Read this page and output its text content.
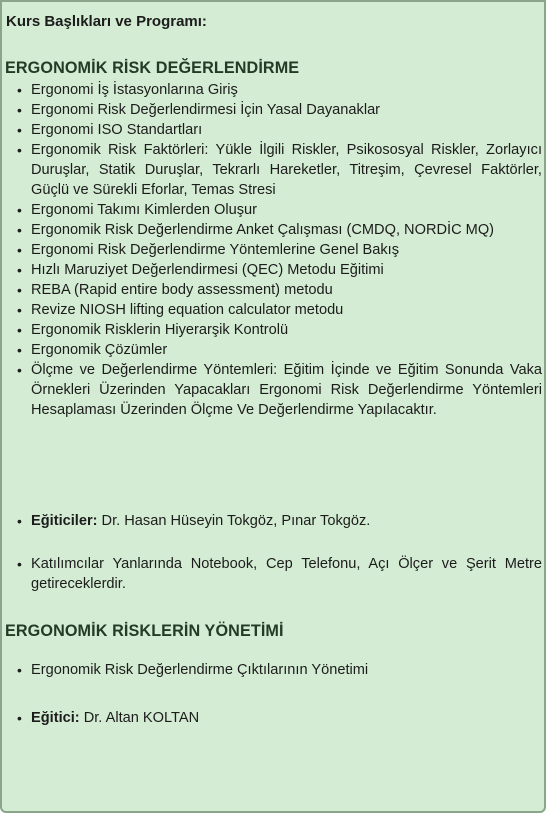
Kurs Başlıkları ve Programı:
ERGONOMİK RİSK DEĞERLENDİRME
• Ergonomi İş İstasyonlarına Giriş
• Ergonomi Risk Değerlendirmesi İçin Yasal Dayanaklar
• Ergonomi ISO Standartları
• Ergonomik Risk Faktörleri: Yükle İlgili Riskler, Psikososyal Riskler, Zorlayıcı Duruşlar, Statik Duruşlar, Tekrarlı Hareketler, Titreşim, Çevresel Faktörler, Güçlü ve Sürekli Eforlar, Temas Stresi
• Ergonomi Takımı Kimlerden Oluşur
• Ergonomik Risk Değerlendirme Anket Çalışması (CMDQ, NORDİC MQ)
• Ergonomi Risk Değerlendirme Yöntemlerine Genel Bakış
• Hızlı Maruziyet Değerlendirmesi (QEC) Metodu Eğitimi
• REBA (Rapid entire body assessment) metodu
• Revize NIOSH lifting equation calculator metodu
• Ergonomik Risklerin Hiyerarşik Kontrolü
• Ergonomik Çözümler
• Ölçme ve Değerlendirme Yöntemleri: Eğitim İçinde ve Eğitim Sonunda Vaka Örnekleri Üzerinden Yapacakları Ergonomi Risk Değerlendirme Yöntemleri Hesaplaması Üzerinden Ölçme Ve Değerlendirme Yapılacaktır.
• Eğiticiler: Dr. Hasan Hüseyin Tokgöz, Pınar Tokgöz.
• Katılımcılar Yanlarında Notebook, Cep Telefonu, Açı Ölçer ve Şerit Metre getireceklerdir.
ERGONOMİK RİSKLERİN YÖNETİMİ
• Ergonomik Risk Değerlendirme Çıktılarının Yönetimi
• Eğitici: Dr. Altan KOLTAN
